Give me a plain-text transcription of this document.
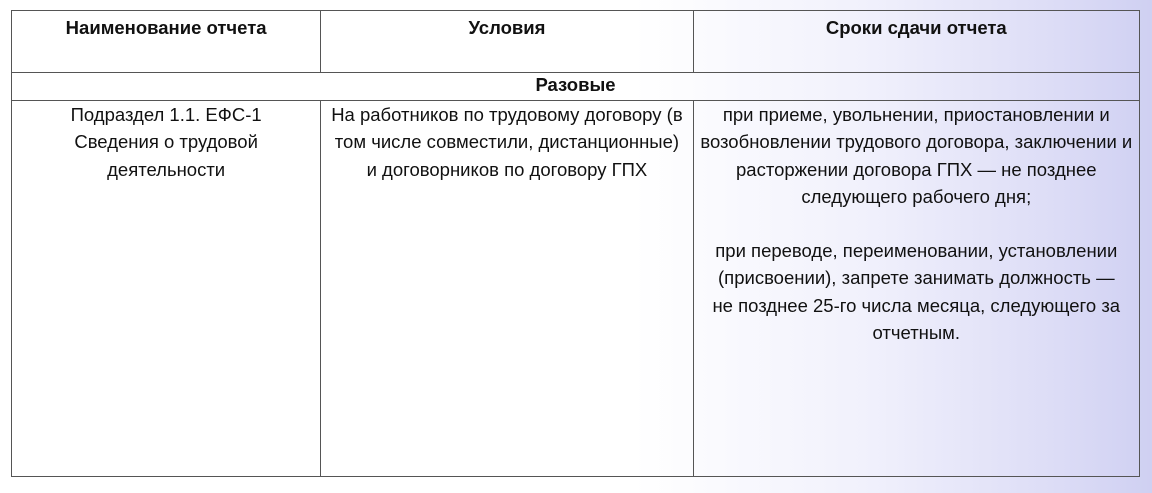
Наименование отчета	Условия	Сроки сдачи отчета
Разовые		

Подраздел 1.1. ЕФС-1 Сведения о трудовой деятельности	На работников по трудовому договору (в том числе совместили, дистанционные) и договорников по договору ГПХ	при приеме, увольнении, приостановлении и возобновлении трудового договора, заключении и расторжении договора ГПХ — не позднее следующего рабочего дня;
при переводе, переименовании, установлении (присвоении), запрете занимать должность — не позднее 25-го числа месяца, следующего за отчетным.
